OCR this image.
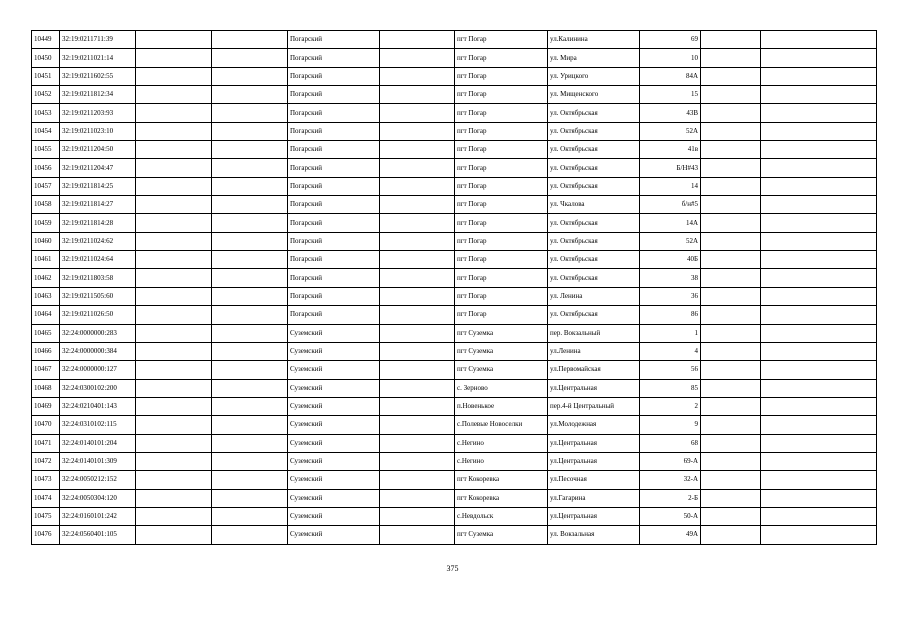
10449	32:19:0211711:39			Погарский		пгт Погар	ул.Калинина	69		
10450	32:19:0211021:14			Погарский		пгт Погар	ул. Мира	10		
10451	32:19:0211602:55			Погарский		пгт Погар	ул. Урицкого	84А		
10452	32:19:0211812:34			Погарский		пгт Погар	ул. Мищенского	15		
10453	32:19:0211203:93			Погарский		пгт Погар	ул. Октябрьская	43В		
10454	32:19:0211023:10			Погарский		пгт Погар	ул. Октябрьская	52А		
10455	32:19:0211204:50			Погарский		пгт Погар	ул. Октябрьская	41в		
10456	32:19:0211204:47			Погарский		пгт Погар	ул. Октябрьская	Б/Н#43		
10457	32:19:0211814:25			Погарский		пгт Погар	ул. Октябрьская	14		
10458	32:19:0211814:27			Погарский		пгт Погар	ул. Чкалова	б/н#5		
10459	32:19:0211814:28			Погарский		пгт Погар	ул. Октябрьская	14А		
10460	32:19:0211024:62			Погарский		пгт Погар	ул. Октябрьская	52А		
10461	32:19:0211024:64			Погарский		пгт Погар	ул. Октябрьская	40Б		
10462	32:19:0211803:58			Погарский		пгт Погар	ул. Октябрьская	38		
10463	32:19:0211505:60			Погарский		пгт Погар	ул. Ленина	36		
10464	32:19:0211026:50			Погарский		пгт Погар	ул. Октябрьская	86		
10465	32:24:0000000:283			Суземский		пгт Суземка	пер. Вокзальный	1		
10466	32:24:0000000:384			Суземский		пгт Суземка	ул.Ленина	4		
10467	32:24:0000000:127			Суземский		пгт Суземка	ул.Первомайская	56		
10468	32:24:0300102:200			Суземский		с. Зерново	ул.Центральная	85		
10469	32:24:0210401:143			Суземский		п.Новенькое	пер.4-й Центральный	2		
10470	32:24:0310102:115			Суземский		с.Полевые Новоселки	ул.Молодежная	9		
10471	32:24:0140101:204			Суземский		с.Негино	ул.Центральная	68		
10472	32:24:0140101:309			Суземский		с.Негино	ул.Центральная	69-А		
10473	32:24:0050212:152			Суземский		пгт Кокоревка	ул.Песочная	32-А		
10474	32:24:0050304:120			Суземский		пгт Кокоревка	ул.Гагарина	2-Б		
10475	32:24:0160101:242			Суземский		с.Невдольск	ул.Центральная	50-А		
10476	32:24:0560401:105			Суземский		пгт Суземка	ул. Вокзальная	49А		
375
